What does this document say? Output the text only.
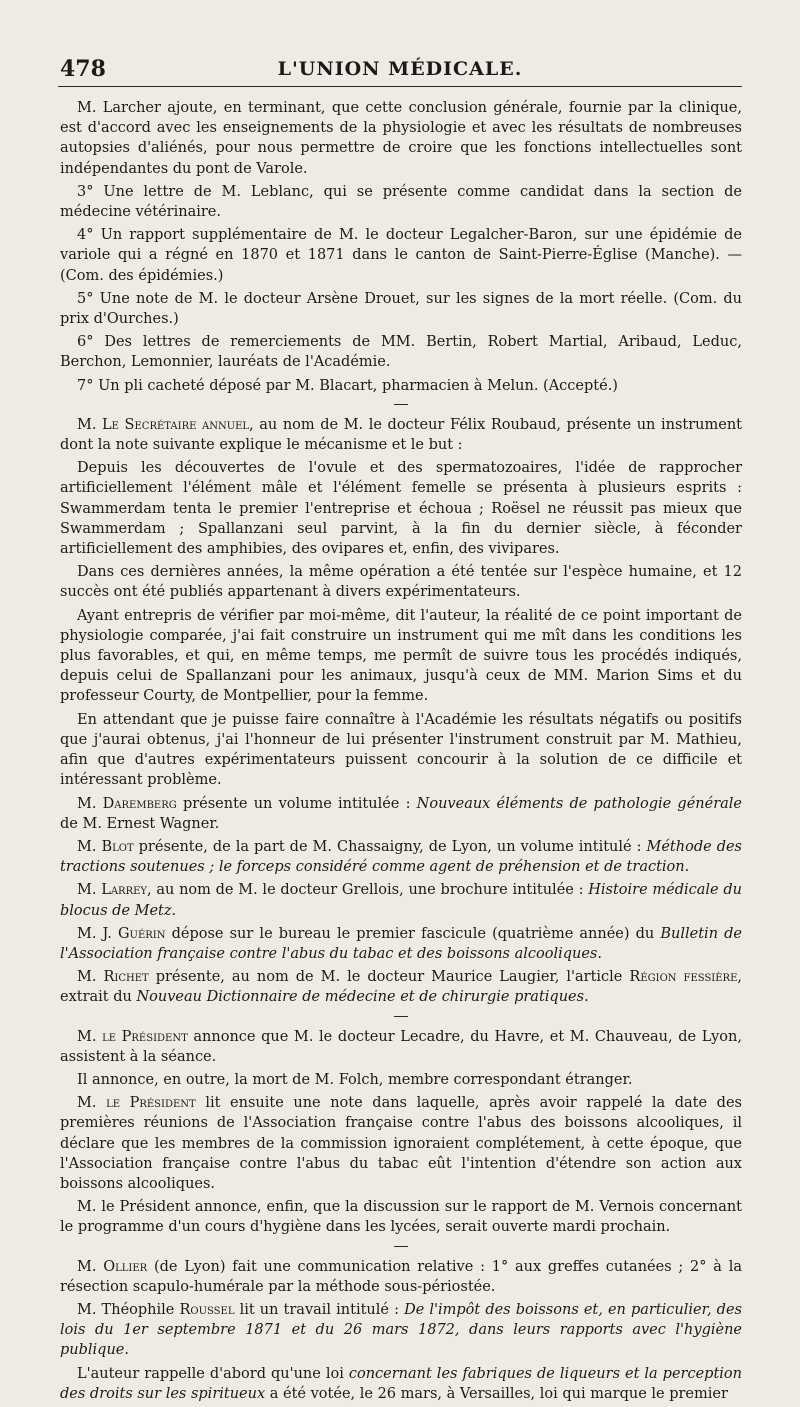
478	L'UNION MÉDICALE.

M. Larcher ajoute, en terminant, que cette conclusion générale, fournie par la clinique, est d'accord avec les enseignements de la physiologie et avec les résultats de nombreuses autopsies d'aliénés, pour nous permettre de croire que les fonctions intellectuelles sont indépendantes du pont de Varole.

3° Une lettre de M. Leblanc, qui se présente comme candidat dans la section de médecine vétérinaire.

4° Un rapport supplémentaire de M. le docteur Legalcher-Baron, sur une épidémie de variole qui a régné en 1870 et 1871 dans le canton de Saint-Pierre-Église (Manche). — (Com. des épidémies.)

5° Une note de M. le docteur Arsène Drouet, sur les signes de la mort réelle. (Com. du prix d'Ourches.)

6° Des lettres de remerciements de MM. Bertin, Robert Martial, Aribaud, Leduc, Berchon, Lemonnier, lauréats de l'Académie.

7° Un pli cacheté déposé par M. Blacart, pharmacien à Melun. (Accepté.)

M. Le Secrétaire annuel, au nom de M. le docteur Félix Roubaud, présente un instrument dont la note suivante explique le mécanisme et le but :

Depuis les découvertes de l'ovule et des spermatozoaires, l'idée de rapprocher artificiellement l'élément mâle et l'élément femelle se présenta à plusieurs esprits : Swammerdam tenta le premier l'entreprise et échoua ; Roësel ne réussit pas mieux que Swammerdam ; Spallanzani seul parvint, à la fin du dernier siècle, à féconder artificiellement des amphibies, des ovipares et, enfin, des vivipares.

Dans ces dernières années, la même opération a été tentée sur l'espèce humaine, et 12 succès ont été publiés appartenant à divers expérimentateurs.

Ayant entrepris de vérifier par moi-même, dit l'auteur, la réalité de ce point important de physiologie comparée, j'ai fait construire un instrument qui me mît dans les conditions les plus favorables, et qui, en même temps, me permît de suivre tous les procédés indiqués, depuis celui de Spallanzani pour les animaux, jusqu'à ceux de MM. Marion Sims et du professeur Courty, de Montpellier, pour la femme.

En attendant que je puisse faire connaître à l'Académie les résultats négatifs ou positifs que j'aurai obtenus, j'ai l'honneur de lui présenter l'instrument construit par M. Mathieu, afin que d'autres expérimentateurs puissent concourir à la solution de ce difficile et intéressant problème.

M. Daremberg présente un volume intitulée : Nouveaux éléments de pathologie générale de M. Ernest Wagner.

M. Blot présente, de la part de M. Chassaigny, de Lyon, un volume intitulé : Méthode des tractions soutenues ; le forceps considéré comme agent de préhension et de traction.

M. Larrey, au nom de M. le docteur Grellois, une brochure intitulée : Histoire médicale du blocus de Metz.

M. J. Guérin dépose sur le bureau le premier fascicule (quatrième année) du Bulletin de l'Association française contre l'abus du tabac et des boissons alcooliques.

M. Richet présente, au nom de M. le docteur Maurice Laugier, l'article Région fessière, extrait du Nouveau Dictionnaire de médecine et de chirurgie pratiques.

M. le Président annonce que M. le docteur Lecadre, du Havre, et M. Chauveau, de Lyon, assistent à la séance.

Il annonce, en outre, la mort de M. Folch, membre correspondant étranger.

M. le Président lit ensuite une note dans laquelle, après avoir rappelé la date des premières réunions de l'Association française contre l'abus des boissons alcooliques, il déclare que les membres de la commission ignoraient complétement, à cette époque, que l'Association française contre l'abus du tabac eût l'intention d'étendre son action aux boissons alcooliques.

M. le Président annonce, enfin, que la discussion sur le rapport de M. Vernois concernant le programme d'un cours d'hygiène dans les lycées, serait ouverte mardi prochain.

M. Ollier (de Lyon) fait une communication relative : 1° aux greffes cutanées ; 2° à la résection scapulo-humérale par la méthode sous-périostée.

M. Théophile Roussel lit un travail intitulé : De l'impôt des boissons et, en particulier, des lois du 1er septembre 1871 et du 26 mars 1872, dans leurs rapports avec l'hygiène publique.

L'auteur rappelle d'abord qu'une loi concernant les fabriques de liqueurs et la perception des droits sur les spiritueux a été votée, le 26 mars, à Versailles, loi qui marque le premier
